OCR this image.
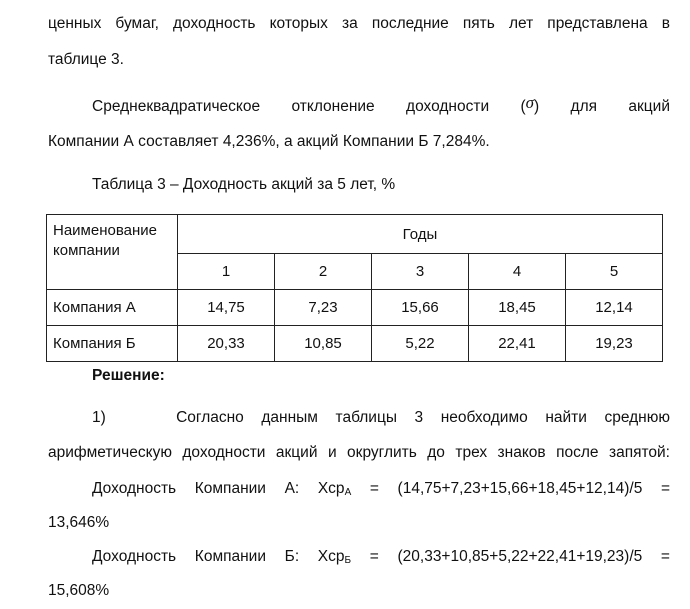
ценных бумаг, доходность которых за последние пять лет представлена в
таблице 3.
Среднеквадратическое отклонение доходности (σ) для акций
Компании А составляет 4,236%, а акций Компании Б 7,284%.
Таблица 3 – Доходность акций за 5 лет, %
Наименование
компании	Годы				
	1	2	3	4	5
Компания А	14,75	7,23	15,66	18,45	12,14
Компания Б	20,33	10,85	5,22	22,41	19,23
Решение:
1)    Согласно данным таблицы 3 необходимо найти среднюю
арифметическую доходности акций и округлить до трех знаков после запятой:
Доходность Компании А: Хср$_А$ = (14,75+7,23+15,66+18,45+12,14)/5 =
13,646%
Доходность Компании Б: Хср$_Б$ = (20,33+10,85+5,22+22,41+19,23)/5 =
15,608%
